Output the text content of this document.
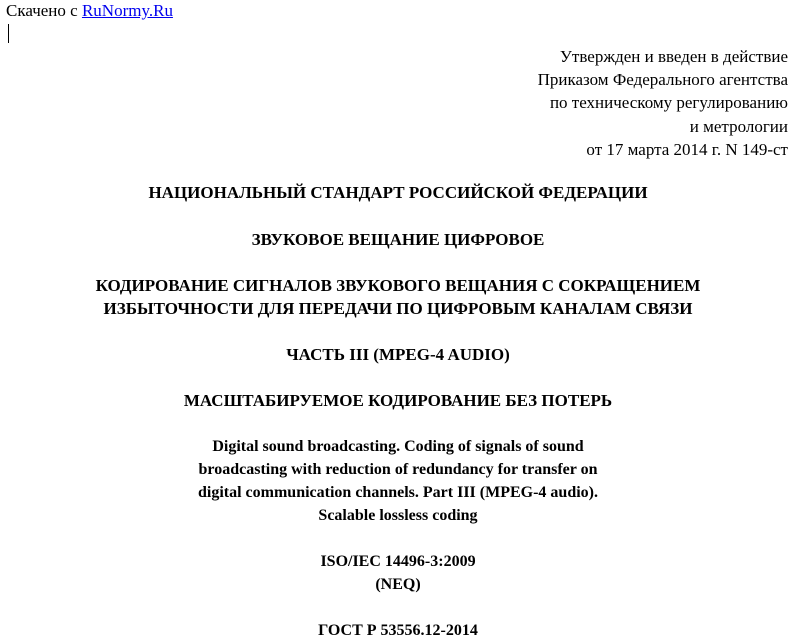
Скачено с RuNormy.Ru
Утвержден и введен в действие
Приказом Федерального агентства
по техническому регулированию
и метрологии
от 17 марта 2014 г. N 149-ст
НАЦИОНАЛЬНЫЙ СТАНДАРТ РОССИЙСКОЙ ФЕДЕРАЦИИ
ЗВУКОВОЕ ВЕЩАНИЕ ЦИФРОВОЕ
КОДИРОВАНИЕ СИГНАЛОВ ЗВУКОВОГО ВЕЩАНИЯ С СОКРАЩЕНИЕМ
ИЗБЫТОЧНОСТИ ДЛЯ ПЕРЕДАЧИ ПО ЦИФРОВЫМ КАНАЛАМ СВЯЗИ
ЧАСТЬ III (MPEG-4 AUDIO)
МАСШТАБИРУЕМОЕ КОДИРОВАНИЕ БЕЗ ПОТЕРЬ
Digital sound broadcasting. Coding of signals of sound
broadcasting with reduction of redundancy for transfer on
digital communication channels. Part III (MPEG-4 audio).
Scalable lossless coding
ISO/IEC 14496-3:2009
(NEQ)
ГОСТ Р 53556.12-2014
